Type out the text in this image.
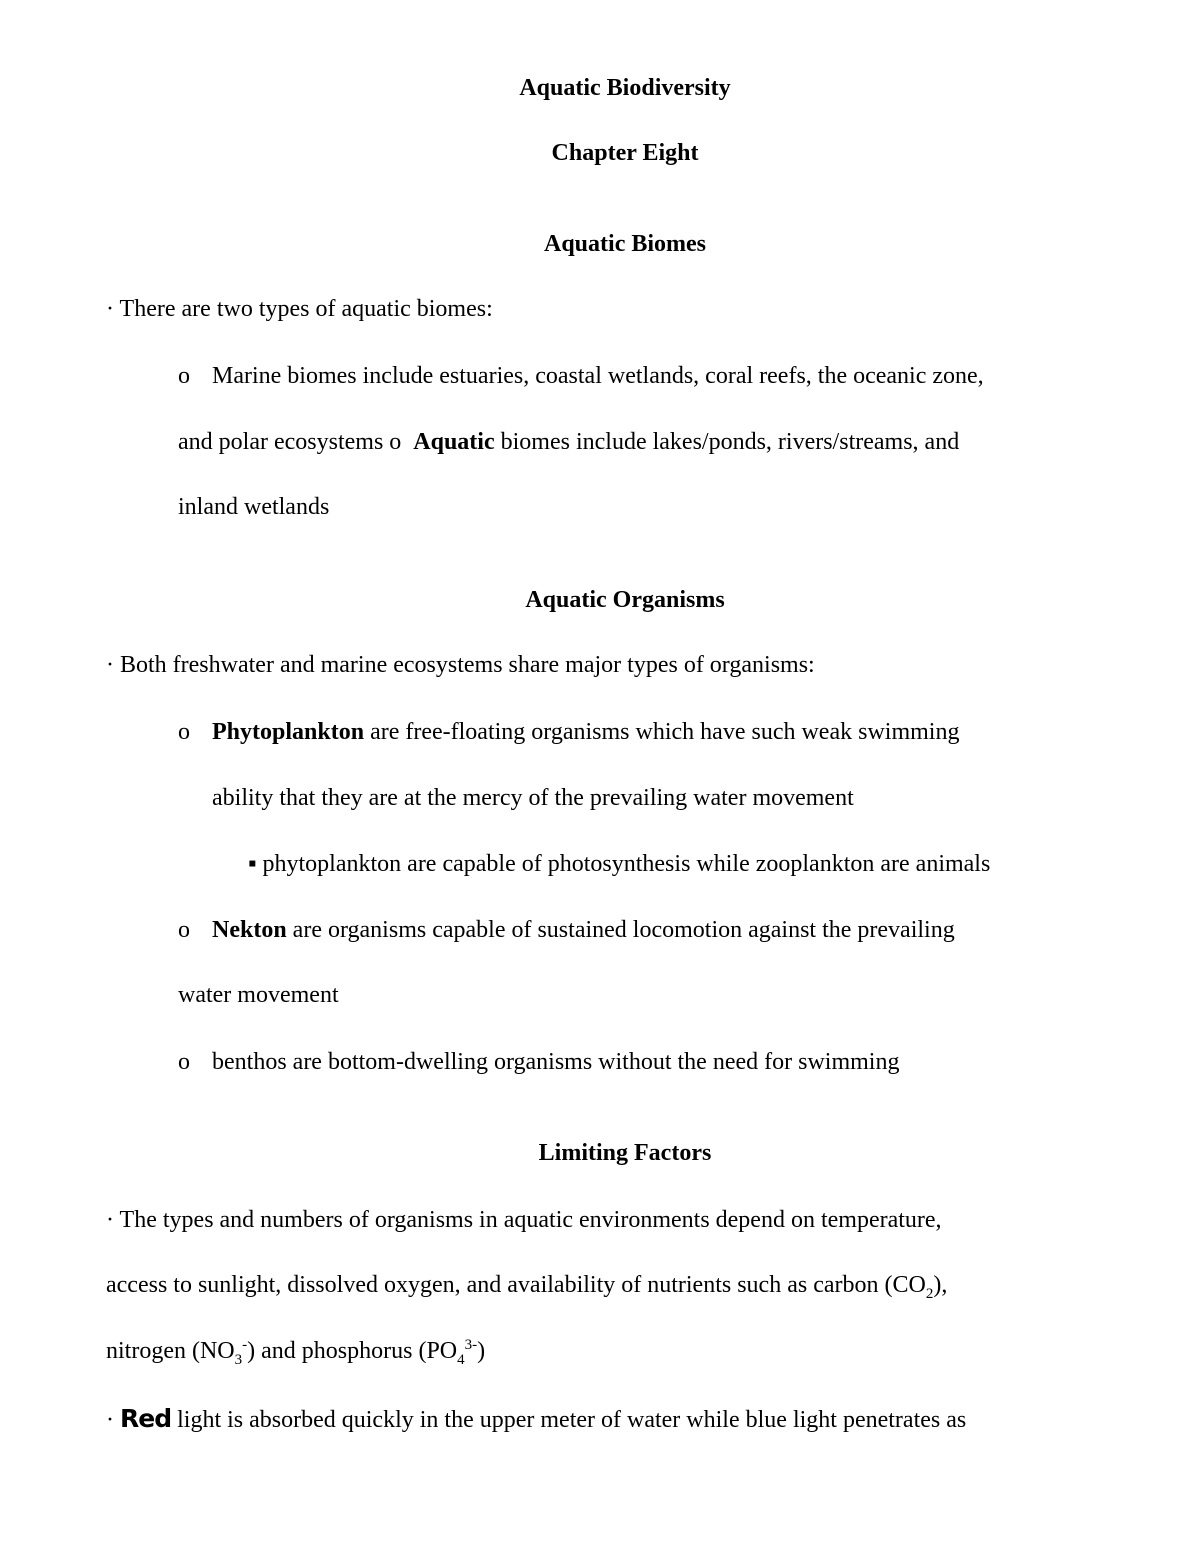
Aquatic Biodiversity
Chapter Eight
Aquatic Biomes
· There are two types of aquatic biomes:
o Marine biomes include estuaries, coastal wetlands, coral reefs, the oceanic zone,
and polar ecosystems o Aquatic biomes include lakes/ponds, rivers/streams, and
inland wetlands
Aquatic Organisms
· Both freshwater and marine ecosystems share major types of organisms:
o Phytoplankton are free-floating organisms which have such weak swimming
ability that they are at the mercy of the prevailing water movement
▪ phytoplankton are capable of photosynthesis while zooplankton are animals
o Nekton are organisms capable of sustained locomotion against the prevailing
water movement
o benthos are bottom-dwelling organisms without the need for swimming
Limiting Factors
· The types and numbers of organisms in aquatic environments depend on temperature,
access to sunlight, dissolved oxygen, and availability of nutrients such as carbon $(CO_2)$,
nitrogen $(NO_3^-)$ and phosphorus $(PO_4^{3-})$
· Red light is absorbed quickly in the upper meter of water while blue light penetrates as
